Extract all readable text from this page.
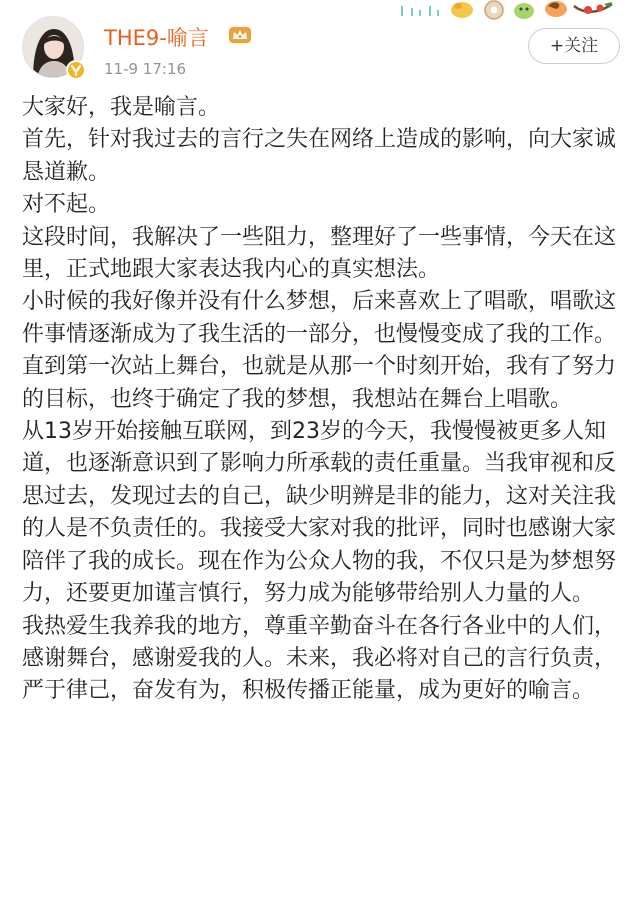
THE9-喻言
11-9 17:16
+关注

大家好，我是喻言。

首先，针对我过去的言行之失在网络上造成的影响，向大家诚恳道歉。

对不起。

这段时间，我解决了一些阻力，整理好了一些事情，今天在这里，正式地跟大家表达我内心的真实想法。

小时候的我好像并没有什么梦想，后来喜欢上了唱歌，唱歌这件事情逐渐成为了我生活的一部分，也慢慢变成了我的工作。直到第一次站上舞台，也就是从那一个时刻开始，我有了努力的目标，也终于确定了我的梦想，我想站在舞台上唱歌。

从13岁开始接触互联网，到23岁的今天，我慢慢被更多人知道，也逐渐意识到了影响力所承载的责任重量。当我审视和反思过去，发现过去的自己，缺少明辨是非的能力，这对关注我的人是不负责任的。我接受大家对我的批评，同时也感谢大家陪伴了我的成长。现在作为公众人物的我，不仅只是为梦想努力，还要更加谨言慎行，努力成为能够带给别人力量的人。

我热爱生我养我的地方，尊重辛勤奋斗在各行各业中的人们，感谢舞台，感谢爱我的人。未来，我必将对自己的言行负责，严于律己，奋发有为，积极传播正能量，成为更好的喻言。
